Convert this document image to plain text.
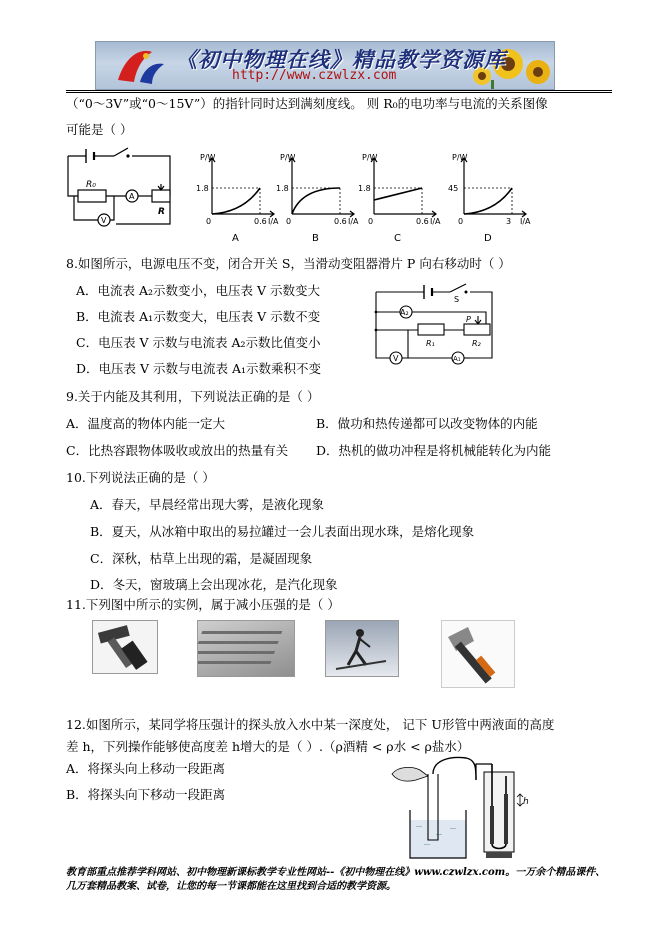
《初中物理在线》精品教学资源库
http://www.czwlzx.com
（“0～3V”或“0～15V”）的指针同时达到满刻度线。 则 R₀的电功率与电流的关系图像
可能是（ ）
R₀
A
V
R
P/W
1.8
0	0.6 I/A
A
P/W
1.8
0	0.6 I/A
B
P/W
1.8
0	0.6 I/A
C
P/W
45
0	3 I/A
D
8.如图所示，电源电压不变，闭合开关 S，当滑动变阻器滑片 P 向右移动时（ ）
A．电流表 A₂示数变小，电压表 V 示数变大
B．电流表 A₁示数变大，电压表 V 示数不变
C．电压表 V 示数与电流表 A₂示数比值变小
D．电压表 V 示数与电流表 A₁示数乘积不变
A₂
S
P
R₁	R₂
V	A₁
9.关于内能及其利用，下列说法正确的是（ ）
A．温度高的物体内能一定大	B．做功和热传递都可以改变物体的内能
C．比热容跟物体吸收或放出的热量有关 D．热机的做功冲程是将机械能转化为内能
10.下列说法正确的是（ ）
A．春天，早晨经常出现大雾，是液化现象
B．夏天，从冰箱中取出的易拉罐过一会儿表面出现水珠，是熔化现象
C．深秋，枯草上出现的霜，是凝固现象
D．冬天，窗玻璃上会出现冰花，是汽化现象
11.下列图中所示的实例，属于减小压强的是（ ）
12.如图所示，某同学将压强计的探头放入水中某一深度处， 记下 U形管中两液面的高度
差 h，下列操作能够使高度差 h增大的是（ ）.（ρ酒精 < ρ水 < ρ盐水）
A．将探头向上移动一段距离
B．将探头向下移动一段距离	h
教育部重点推荐学科网站、初中物理新课标教学专业性网站--《初中物理在线》www.czwlzx.com。一万余个精品课件、
几万套精品教案、试卷，让您的每一节课都能在这里找到合适的教学资源。
